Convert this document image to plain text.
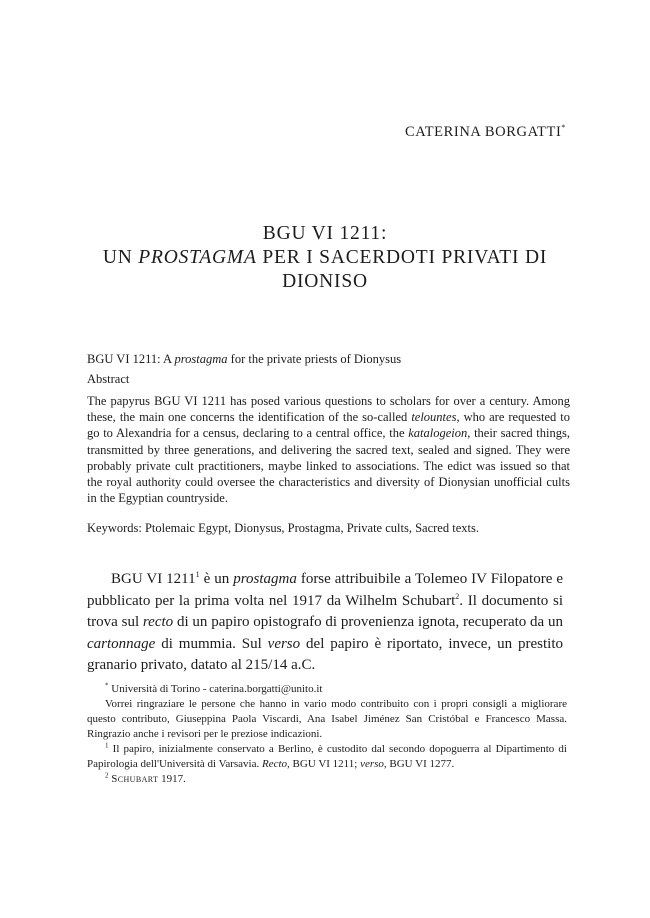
CATERINA BORGATTI*
BGU VI 1211:
UN PROSTAGMA PER I SACERDOTI PRIVATI DI
DIONISO
BGU VI 1211: A prostagma for the private priests of Dionysus
Abstract

The papyrus BGU VI 1211 has posed various questions to scholars for over a century. Among these, the main one concerns the identification of the so-called telountes, who are requested to go to Alexandria for a census, declaring to a central office, the katalogeion, their sacred things, transmitted by three generations, and delivering the sacred text, sealed and signed. They were probably private cult practitioners, maybe linked to associations. The edict was issued so that the royal authority could oversee the characteristics and diversity of Dionysian unofficial cults in the Egyptian countryside.

Keywords: Ptolemaic Egypt, Dionysus, Prostagma, Private cults, Sacred texts.

BGU VI 1211$^1$ è un prostagma forse attribuibile a Tolemeo IV Filopatore e pubblicato per la prima volta nel 1917 da Wilhelm Schubart$^2$. Il documento si trova sul recto di un papiro opistografo di provenienza ignota, recuperato da un cartonnage di mummia. Sul verso del papiro è riportato, invece, un prestito granario privato, datato al 215/14 a.C.

* Università di Torino - caterina.borgatti@unito.it

Vorrei ringraziare le persone che hanno in vario modo contribuito con i propri consigli a migliorare questo contributo, Giuseppina Paola Viscardi, Ana Isabel Jiménez San Cristóbal e Francesco Massa. Ringrazio anche i revisori per le preziose indicazioni.

$^1$ Il papiro, inizialmente conservato a Berlino, è custodito dal secondo dopoguerra al Dipartimento di Papirologia dell'Università di Varsavia. Recto, BGU VI 1211; verso, BGU VI 1277.

$^2$ Schubart 1917.
